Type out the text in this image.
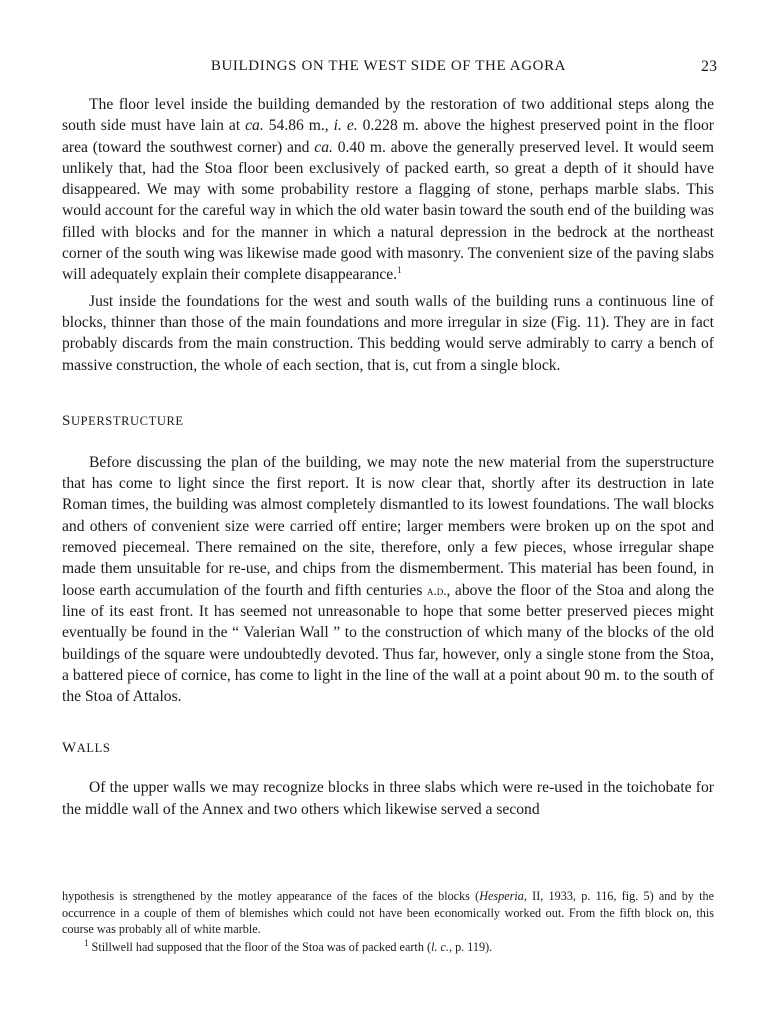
BUILDINGS ON THE WEST SIDE OF THE AGORA	23

The floor level inside the building demanded by the restoration of two additional steps along the south side must have lain at ca. 54.86 m., i. e. 0.228 m. above the highest preserved point in the floor area (toward the southwest corner) and ca. 0.40 m. above the generally preserved level. It would seem unlikely that, had the Stoa floor been exclusively of packed earth, so great a depth of it should have disappeared. We may with some probability restore a flagging of stone, perhaps marble slabs. This would account for the careful way in which the old water basin toward the south end of the building was filled with blocks and for the manner in which a natural depression in the bedrock at the northeast corner of the south wing was likewise made good with masonry. The convenient size of the paving slabs will adequately explain their complete disappearance.$^1$

Just inside the foundations for the west and south walls of the building runs a continuous line of blocks, thinner than those of the main foundations and more irregular in size (Fig. 11). They are in fact probably discards from the main construction. This bedding would serve admirably to carry a bench of massive construction, the whole of each section, that is, cut from a single block.

SUPERSTRUCTURE

Before discussing the plan of the building, we may note the new material from the superstructure that has come to light since the first report. It is now clear that, shortly after its destruction in late Roman times, the building was almost completely dismantled to its lowest foundations. The wall blocks and others of convenient size were carried off entire; larger members were broken up on the spot and removed piecemeal. There remained on the site, therefore, only a few pieces, whose irregular shape made them unsuitable for re-use, and chips from the dismemberment. This material has been found, in loose earth accumulation of the fourth and fifth centuries a.d., above the floor of the Stoa and along the line of its east front. It has seemed not unreasonable to hope that some better preserved pieces might eventually be found in the “ Valerian Wall ” to the construction of which many of the blocks of the old buildings of the square were undoubtedly devoted. Thus far, however, only a single stone from the Stoa, a battered piece of cornice, has come to light in the line of the wall at a point about 90 m. to the south of the Stoa of Attalos.

WALLS

Of the upper walls we may recognize blocks in three slabs which were re-used in the toichobate for the middle wall of the Annex and two others which likewise served a second

hypothesis is strengthened by the motley appearance of the faces of the blocks (Hesperia, II, 1933, p. 116, fig. 5) and by the occurrence in a couple of them of blemishes which could not have been economically worked out. From the fifth block on, this course was probably all of white marble.

$^1$ Stillwell had supposed that the floor of the Stoa was of packed earth (l. c., p. 119).
